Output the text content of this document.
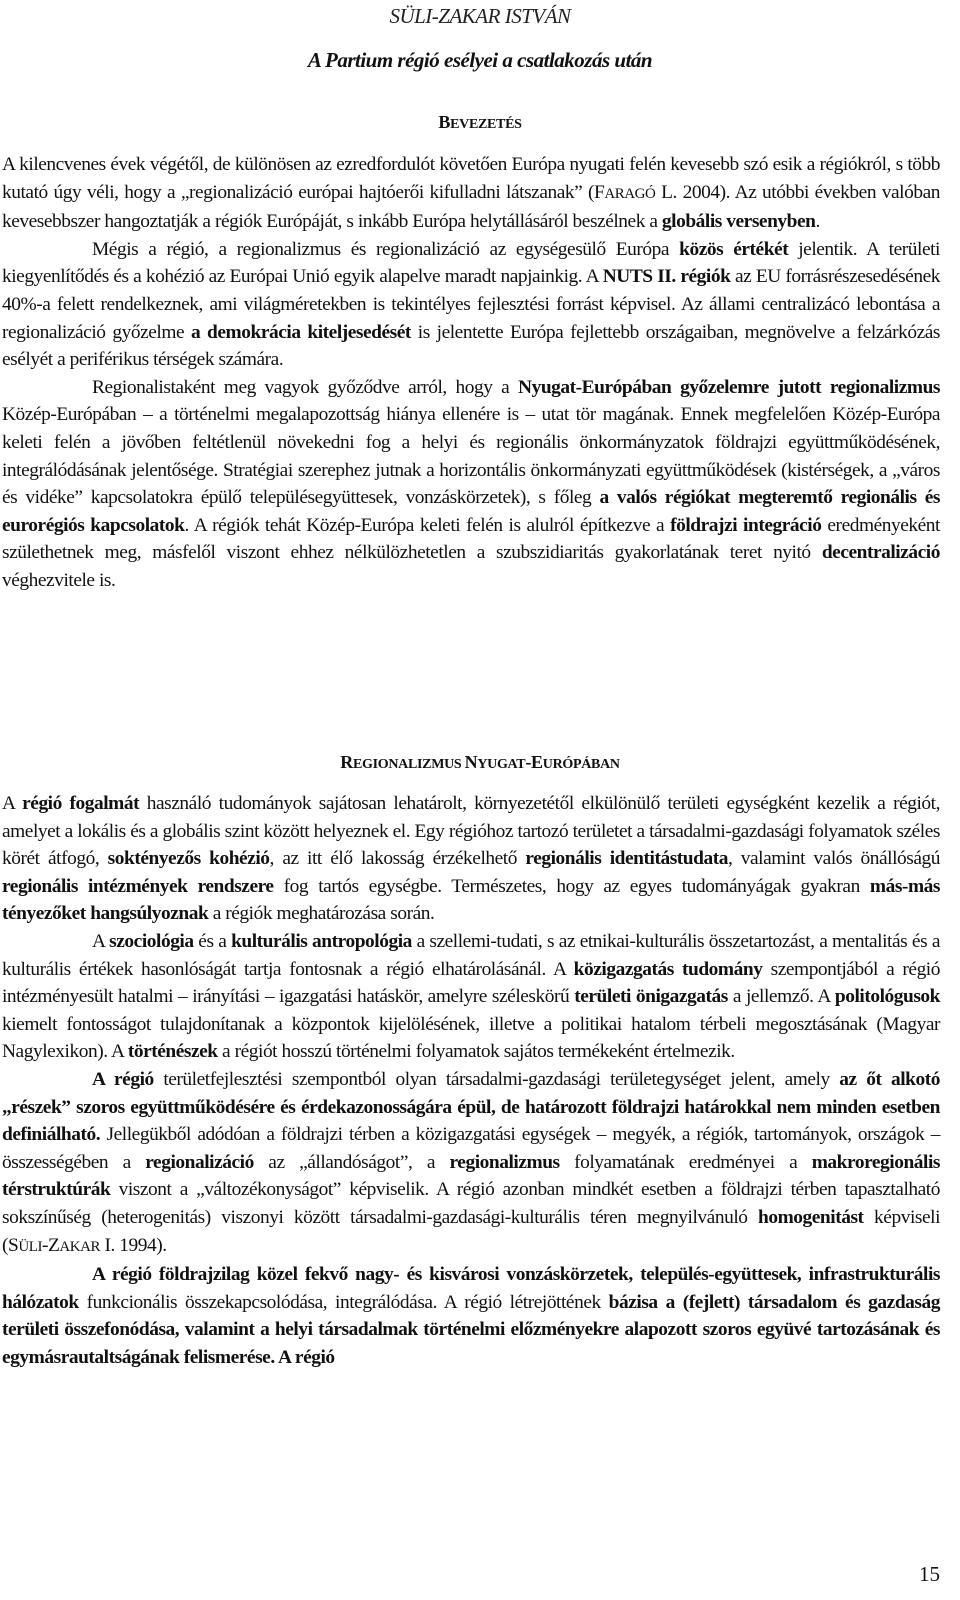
SÜLI-ZAKAR ISTVÁN
A Partium régió esélyei a csatlakozás után
BEVEZETÉS

A kilencvenes évek végétől, de különösen az ezredfordulót követően Európa nyugati felén kevesebb szó esik a régiókról, s több kutató úgy véli, hogy a „regionalizáció európai hajtóerői kifulladni látszanak” (FARAGÓ L. 2004). Az utóbbi években valóban kevesebbszer hangoztatják a régiók Európáját, s inkább Európa helytállásáról beszélnek a globális versenyben.

Mégis a régió, a regionalizmus és regionalizáció az egységesülő Európa közös értékét jelentik. A területi kiegyenlítődés és a kohézió az Európai Unió egyik alapelve maradt napjainkig. A NUTS II. régiók az EU forrásrészesedésének 40%-a felett rendelkeznek, ami világméretekben is tekintélyes fejlesztési forrást képvisel. Az állami centralizácó lebontása a regionalizáció győzelme a demokrácia kiteljesedését is jelentette Európa fejlettebb országaiban, megnövelve a felzárkózás esélyét a periférikus térségek számára.

Regionalistaként meg vagyok győződve arról, hogy a Nyugat-Európában győzelemre jutott regionalizmus Közép-Európában – a történelmi megalapozottság hiánya ellenére is – utat tör magának. Ennek megfelelően Közép-Európa keleti felén a jövőben feltétlenül növekedni fog a helyi és regionális önkormányzatok földrajzi együttműködésének, integrálódásának jelentősége. Stratégiai szerephez jutnak a horizontális önkormányzati együttműködések (kistérségek, a „város és vidéke” kapcsolatokra épülő településegyüttesek, vonzáskörzetek), s főleg a valós régiókat megteremtő regionális és eurorégiós kapcsolatok. A régiók tehát Közép-Európa keleti felén is alulról építkezve a földrajzi integráció eredményeként születhetnek meg, másfelől viszont ehhez nélkülözhetetlen a szubszidiaritás gyakorlatának teret nyitó decentralizáció véghezvitele is.

REGIONALIZMUS NYUGAT-EURÓPÁBAN

A régió fogalmát használó tudományok sajátosan lehatárolt, környezetétől elkülönülő területi egységként kezelik a régiót, amelyet a lokális és a globális szint között helyeznek el. Egy régióhoz tartozó területet a társadalmi-gazdasági folyamatok széles körét átfogó, soktényezős kohézió, az itt élő lakosság érzékelhető regionális identitástudata, valamint valós önállóságú regionális intézmények rendszere fog tartós egységbe. Természetes, hogy az egyes tudományágak gyakran más-más tényezőket hangsúlyoznak a régiók meghatározása során.

A szociológia és a kulturális antropológia a szellemi-tudati, s az etnikai-kulturális összetartozást, a mentalitás és a kulturális értékek hasonlóságát tartja fontosnak a régió elhatárolásánál. A közigazgatás tudomány szempontjából a régió intézményesült hatalmi – irányítási – igazgatási hatáskör, amelyre széleskörű területi önigazgatás a jellemző. A politológusok kiemelt fontosságot tulajdonítanak a központok kijelölésének, illetve a politikai hatalom térbeli megosztásának (Magyar Nagylexikon). A történészek a régiót hosszú történelmi folyamatok sajátos termékeként értelmezik.

A régió területfejlesztési szempontból olyan társadalmi-gazdasági területegységet jelent, amely az őt alkotó „részek” szoros együttműködésére és érdekazonosságára épül, de határozott földrajzi határokkal nem minden esetben definiálható. Jellegükből adódóan a földrajzi térben a közigazgatási egységek – megyék, a régiók, tartományok, országok – összességében a regionalizáció az „állandóságot”, a regionalizmus folyamatának eredményei a makroregionális térstruktúrák viszont a „változékonyságot” képviselik. A régió azonban mindkét esetben a földrajzi térben tapasztalható sokszínűség (heterogenitás) viszonyi között társadalmi-gazdasági-kulturális téren megnyilvánuló homogenitást képviseli (SÜLI-ZAKAR I. 1994).

A régió földrajzilag közel fekvő nagy- és kisvárosi vonzáskörzetek, település-együttesek, infrastrukturális hálózatok funkcionális összekapcsolódása, integrálódása. A régió létrejöttének bázisa a (fejlett) társadalom és gazdaság területi összefonódása, valamint a helyi társadalmak történelmi előzményekre alapozott szoros együvé tartozásának és egymásrautaltságának felismerése. A régió

15
